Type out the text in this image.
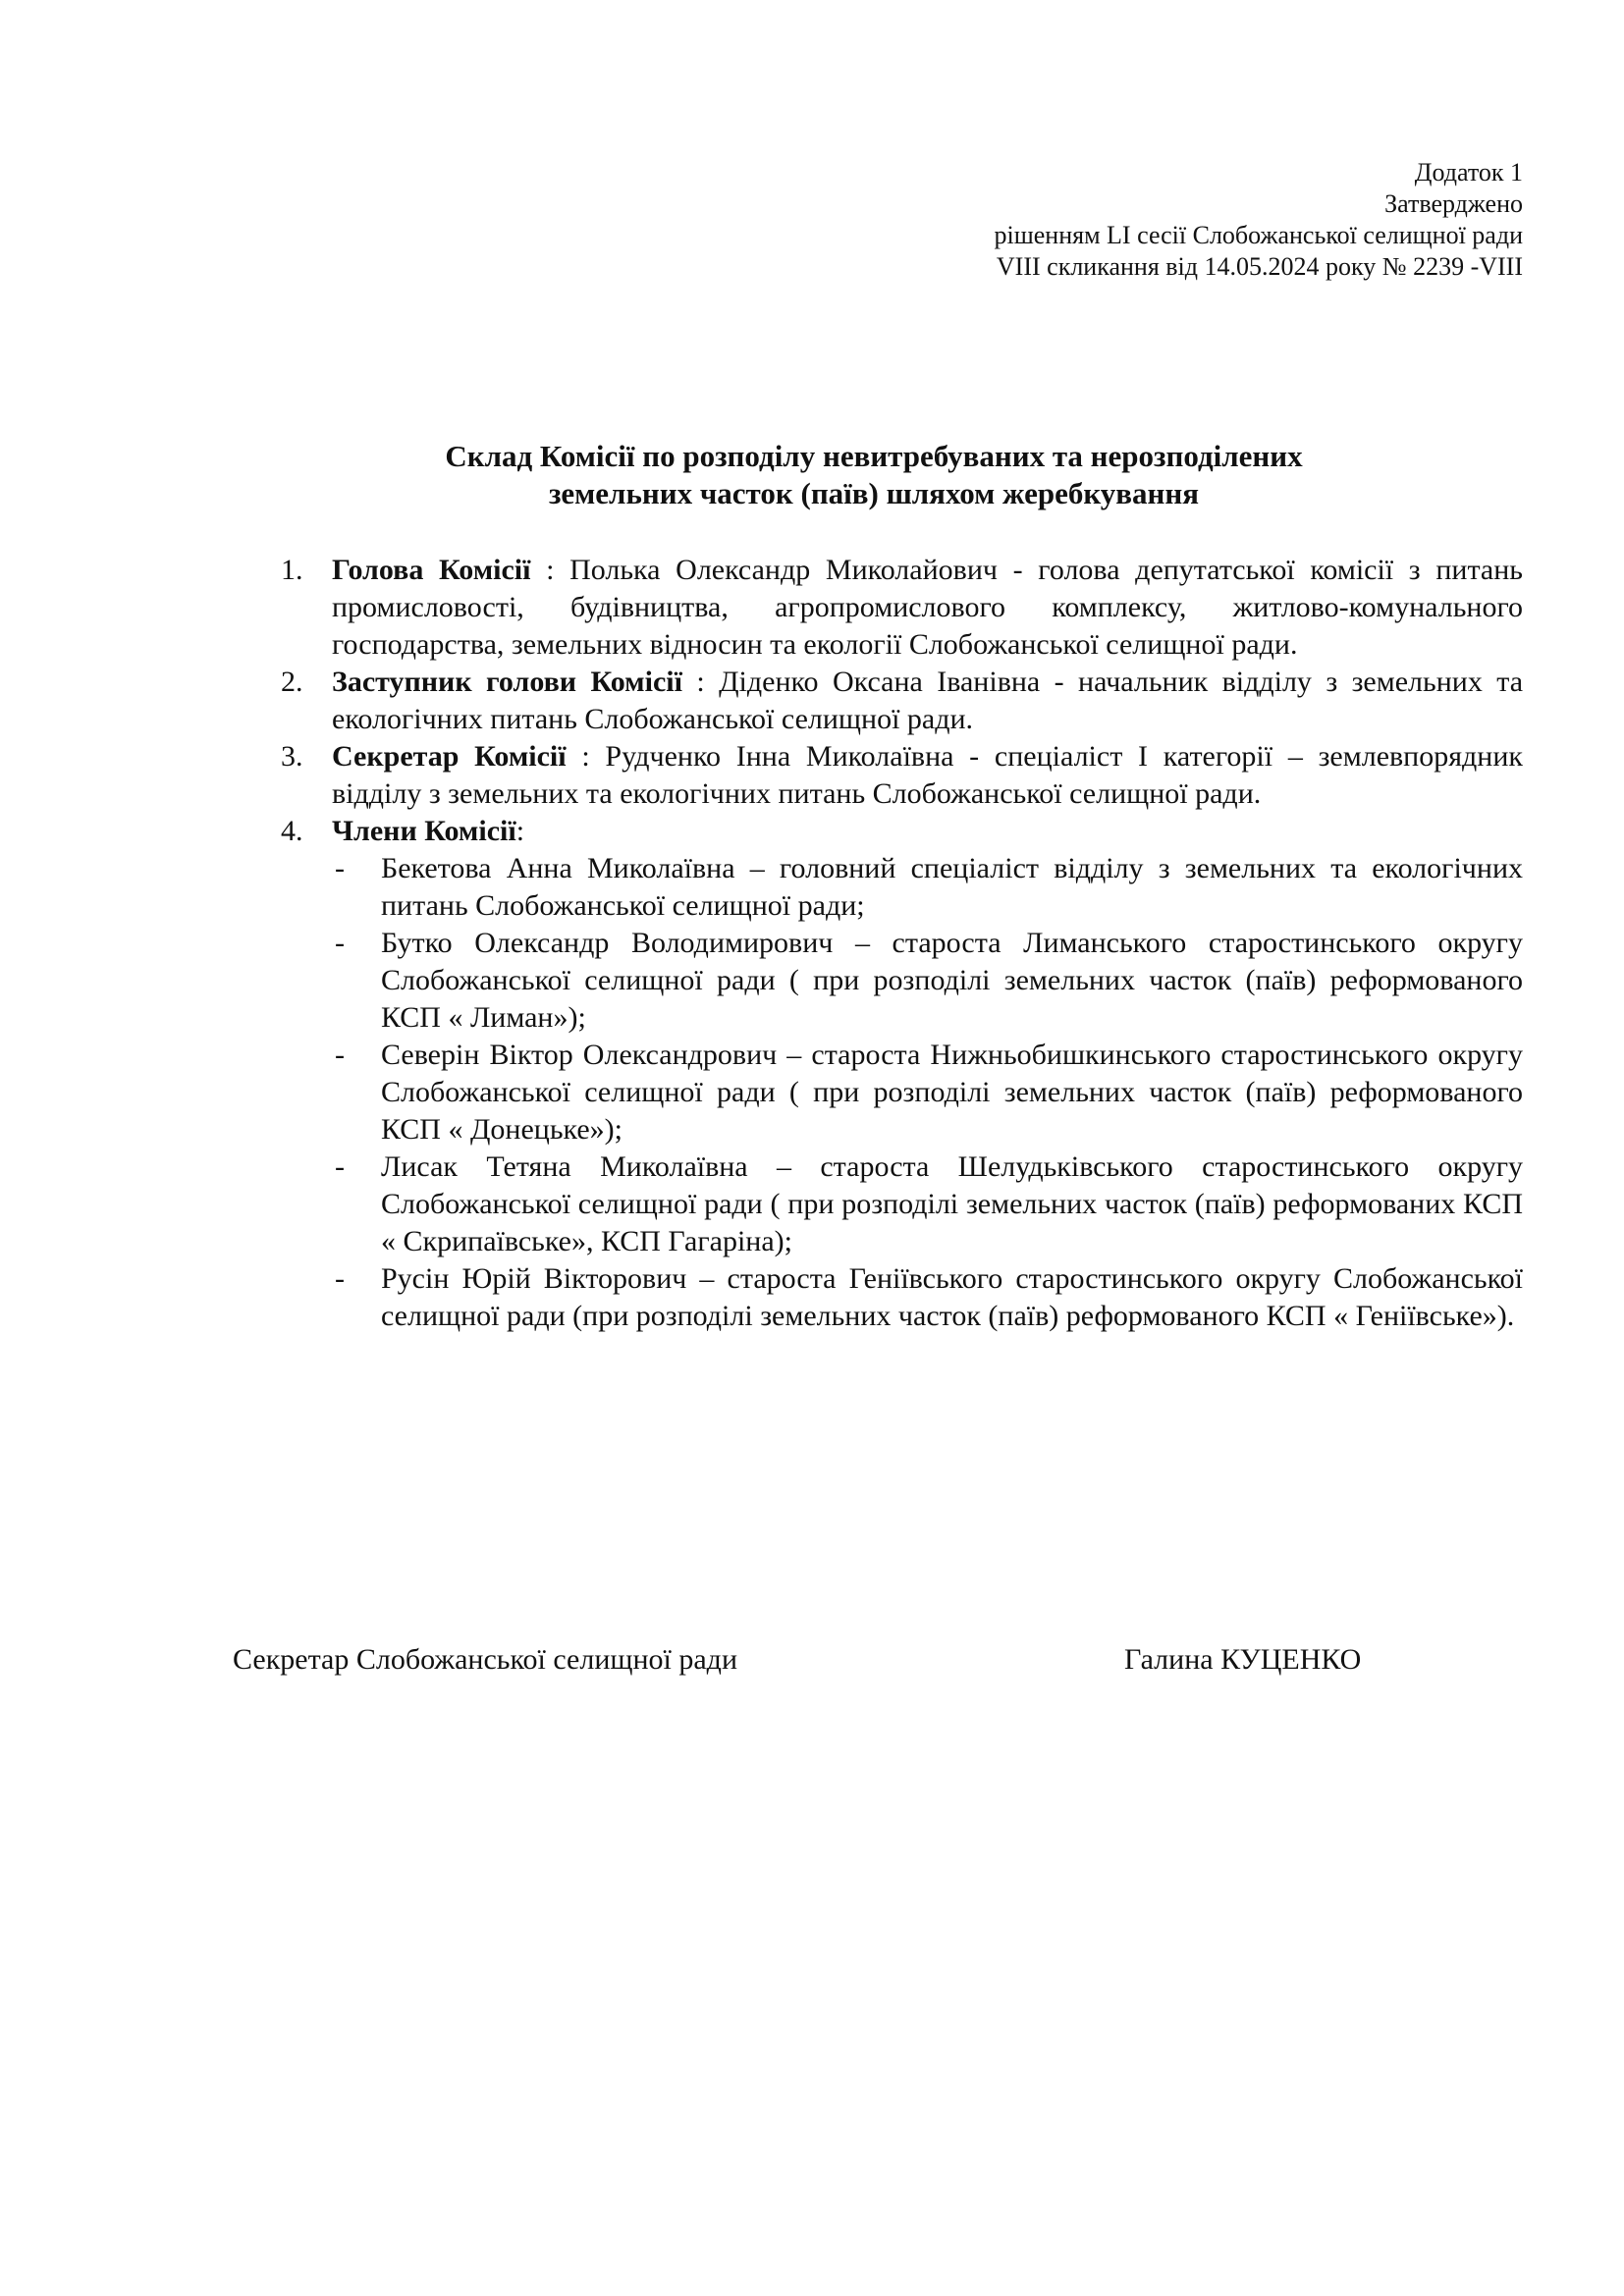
Додаток 1
Затверджено
рішенням LI сесії Слобожанської селищної ради
VIII скликання від 14.05.2024 року № 2239 -VIII
Склад Комісії по розподілу невитребуваних та нерозподілених
земельних часток (паїв) шляхом жеребкування
1. Голова Комісії : Полька Олександр Миколайович - голова депутатської комісії з питань промисловості, будівництва, агропромислового комплексу, житлово-комунального господарства, земельних відносин та екології Слобожанської селищної ради.
2. Заступник голови Комісії : Діденко Оксана Іванівна - начальник відділу з земельних та екологічних питань Слобожанської селищної ради.
3. Секретар Комісії : Рудченко Інна Миколаївна - спеціаліст І категорії – землевпорядник відділу з земельних та екологічних питань Слобожанської селищної ради.
4. Члени Комісії:
- Бекетова Анна Миколаївна – головний спеціаліст відділу з земельних та екологічних питань Слобожанської селищної ради;
- Бутко Олександр Володимирович – староста Лиманського старостинського округу Слобожанської селищної ради ( при розподілі земельних часток (паїв) реформованого КСП « Лиман»);
- Северін Віктор Олександрович – староста Нижньобишкинського старостинського округу Слобожанської селищної ради ( при розподілі земельних часток (паїв) реформованого КСП « Донецьке»);
- Лисак Тетяна Миколаївна – староста Шелудьківського старостинського округу Слобожанської селищної ради ( при розподілі земельних часток (паїв) реформованих КСП « Скрипаївське», КСП Гагаріна);
- Русін Юрій Вікторович – староста Геніївського старостинського округу Слобожанської селищної ради (при розподілі земельних часток (паїв) реформованого КСП « Геніївське»).
Секретар Слобожанської селищної ради	Галина КУЦЕНКО
